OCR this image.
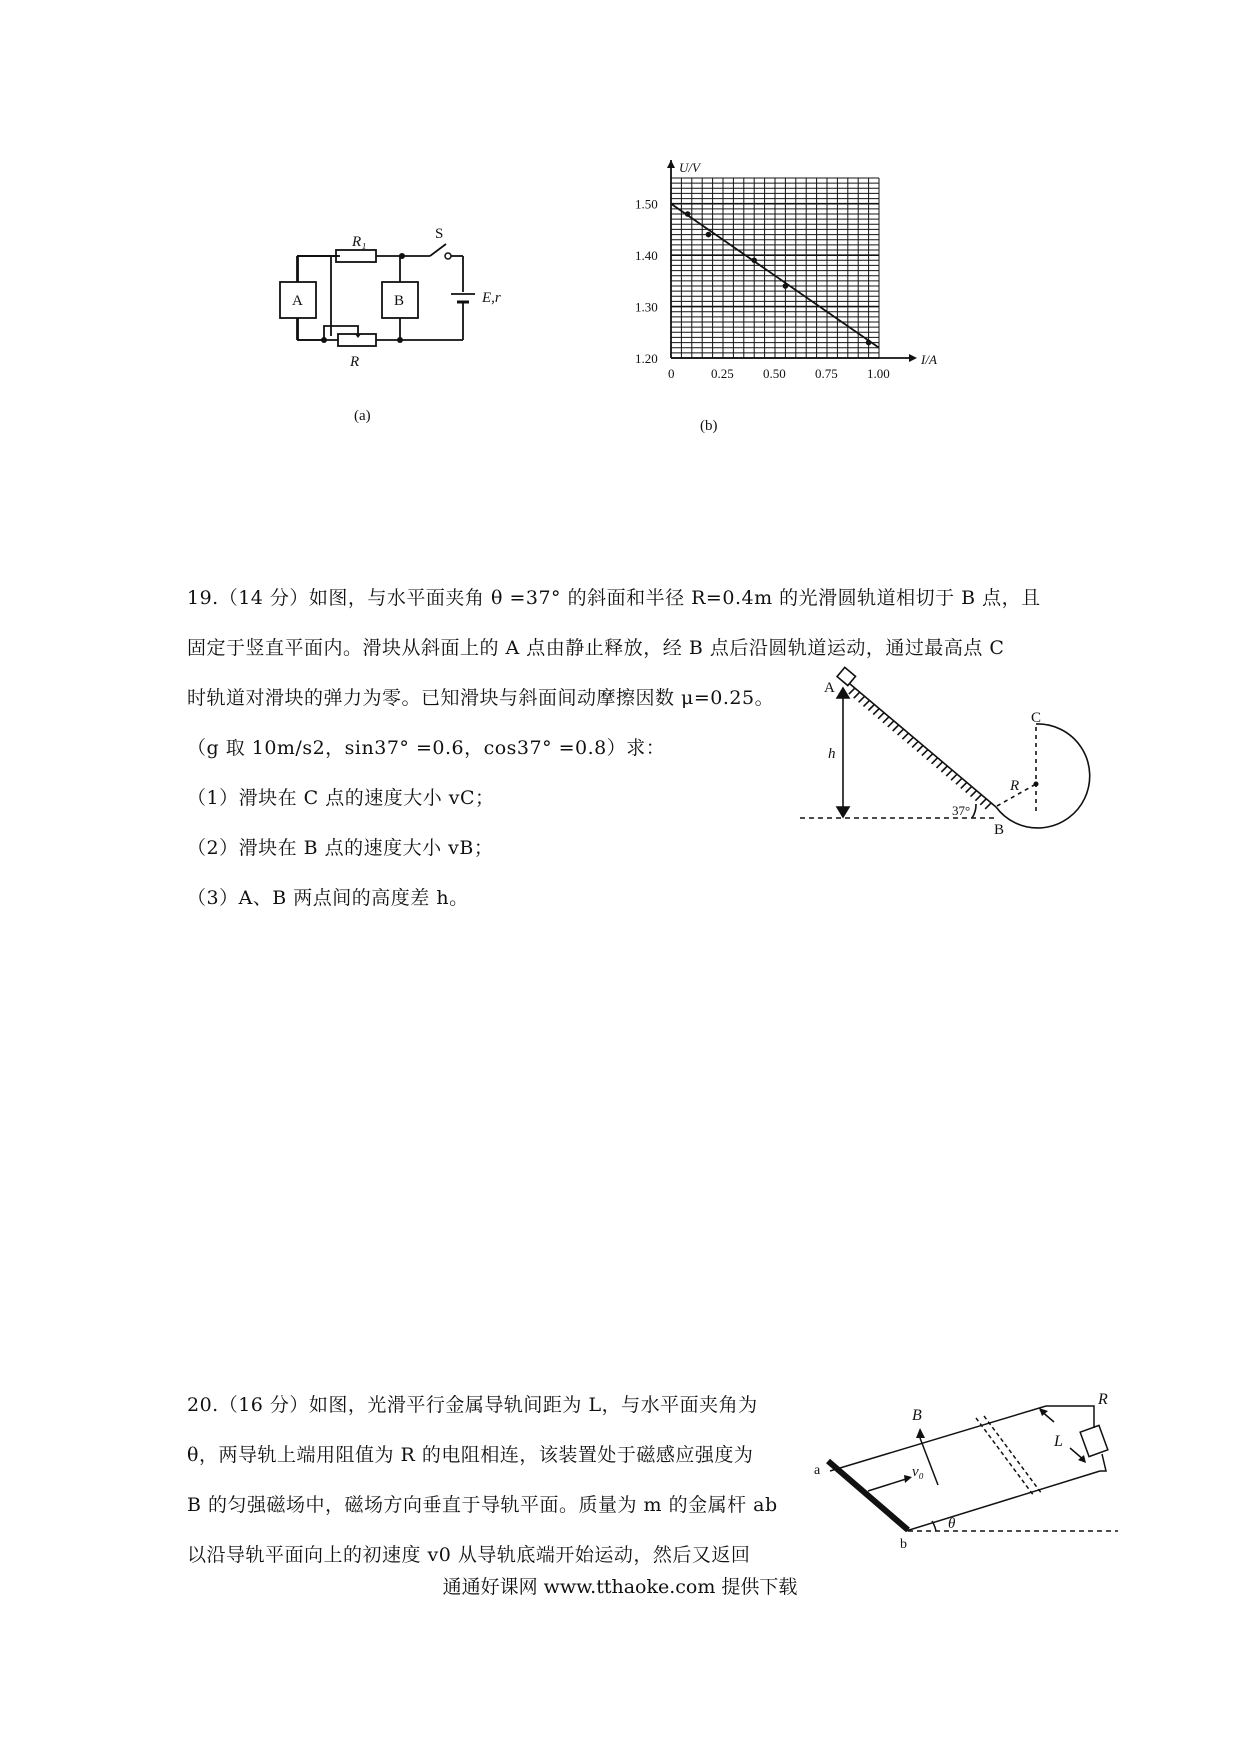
R₁	S
A	B	E,r
R
(a)
0	0.25 0.50 0.75 1.00
1.20
1.30
1.40
1.50
I/A
U/V
(b)
19.（14 分）如图，与水平面夹角 θ =37° 的斜面和半径 R=0.4m 的光滑圆轨道相切于 B 点，且
固定于竖直平面内。滑块从斜面上的 A 点由静止释放，经 B 点后沿圆轨道运动，通过最高点 C
时轨道对滑块的弹力为零。已知滑块与斜面间动摩擦因数 μ=0.25。
（g 取 10m/s2，sin37° =0.6，cos37° =0.8）求：
（1）滑块在 C 点的速度大小 vC；
（2）滑块在 B 点的速度大小 vB；
（3）A、B 两点间的高度差 h。
A
C
h
R
37°
B
20.（16 分）如图，光滑平行金属导轨间距为 L，与水平面夹角为
θ，两导轨上端用阻值为 R 的电阻相连，该装置处于磁感应强度为
B 的匀强磁场中，磁场方向垂直于导轨平面。质量为 m 的金属杆 ab
以沿导轨平面向上的初速度 v0 从导轨底端开始运动，然后又返回
B
R
L
a
b
v₀
θ
通通好课网 www.tthaoke.com 提供下载
